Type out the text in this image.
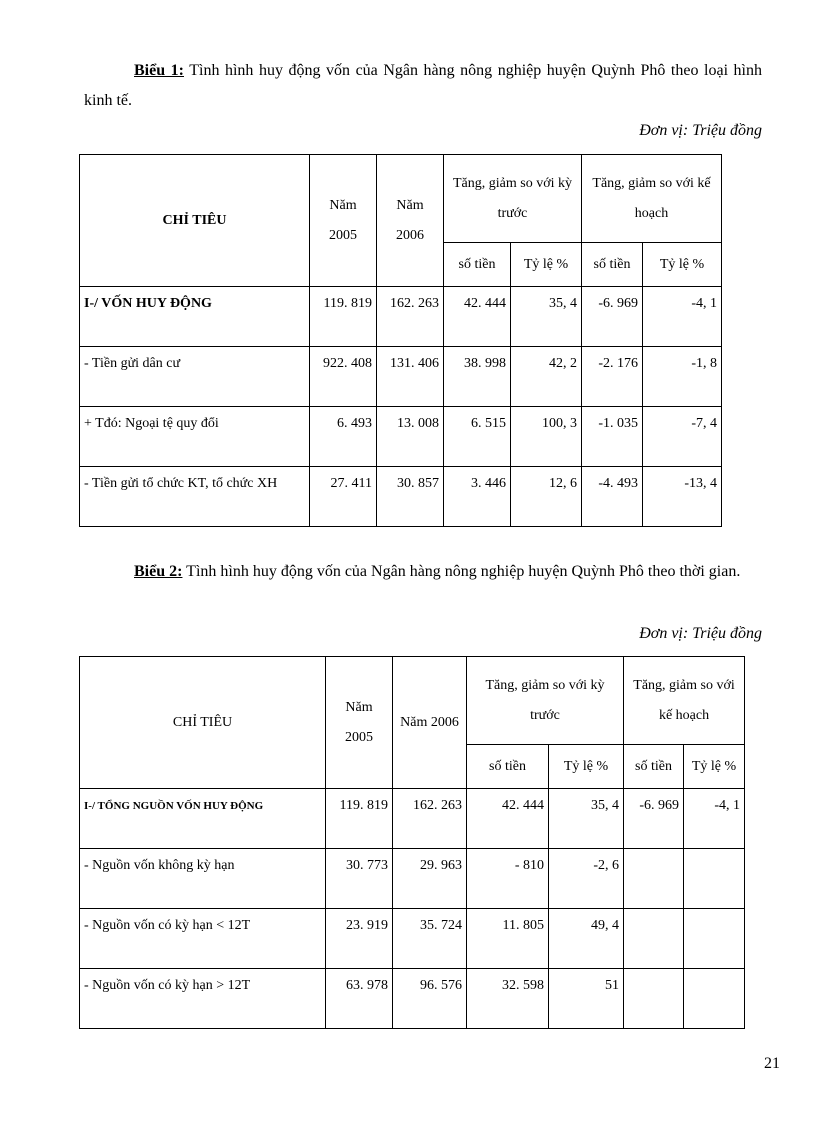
Biểu 1: Tình hình huy động vốn của Ngân hàng nông nghiệp huyện Quỳnh Phô theo loại hình kinh tế.
Đơn vị: Triệu đồng
CHỈ TIÊU	Năm 2005	Năm 2006	Tăng, giảm so với kỳ trước		Tăng, giảm so với kế hoạch	
			số tiền	Tỷ lệ %	số tiền	Tỷ lệ %
I-/ VỐN HUY ĐỘNG	119. 819	162. 263	42. 444	35, 4	-6. 969	-4, 1
- Tiền gửi dân cư	922. 408	131. 406	38. 998	42, 2	-2. 176	-1, 8
+ Tđó: Ngoại tệ quy đổi	6. 493	13. 008	6. 515	100, 3	-1. 035	-7, 4
- Tiền gửi tổ chức KT, tổ chức XH	27. 411	30. 857	3. 446	12, 6	-4. 493	-13, 4
Biểu 2: Tình hình huy động vốn của Ngân hàng nông nghiệp huyện Quỳnh Phô theo thời gian.
Đơn vị: Triệu đồng
CHỈ TIÊU	Năm 2005	Năm 2006	Tăng, giảm so với kỳ trước		Tăng, giảm so với kế hoạch	
			số tiền	Tỷ lệ %	số tiền	Tỷ lệ %
I-/ TỔNG NGUỒN VỐN HUY ĐỘNG	119. 819	162. 263	42. 444	35, 4	-6. 969	-4, 1
- Nguồn vốn không kỳ hạn	30. 773	29. 963	- 810	-2, 6		
- Nguồn vốn có kỳ hạn < 12T	23. 919	35. 724	11. 805	49, 4		
- Nguồn vốn có kỳ hạn > 12T	63. 978	96. 576	32. 598	51		
21
